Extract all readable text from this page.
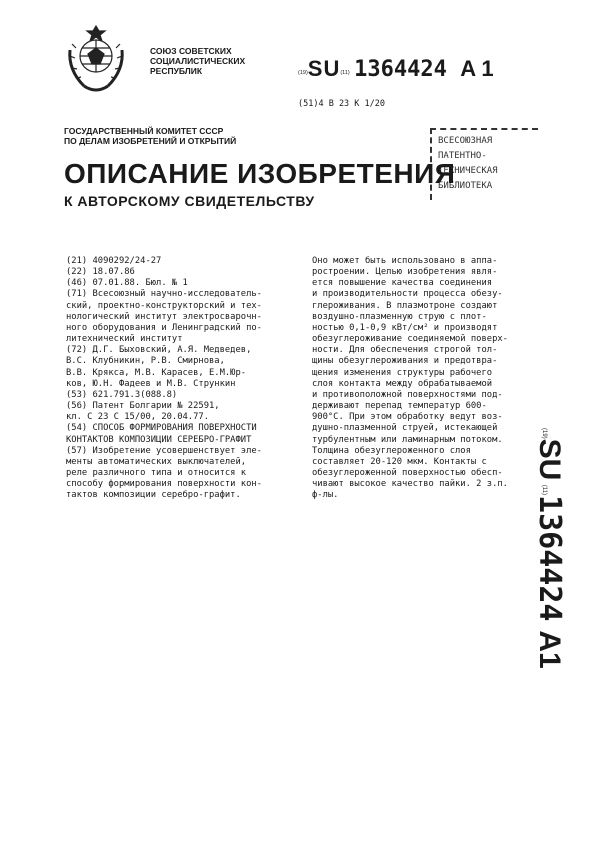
СОЮЗ СОВЕТСКИХ
СОЦИАЛИСТИЧЕСКИХ
РЕСПУБЛИК	(19)SU(11) 1364424 A 1
(51)4 В 23 К 1/20
ГОСУДАРСТВЕННЫЙ КОМИТЕТ СССР
ПО ДЕЛАМ ИЗОБРЕТЕНИЙ И ОТКРЫТИЙ	ВСЕСОЮЗНАЯ
ПАТЕНТНО-
ТЕХНИЧЕСКАЯ
БИБЛИОТЕКА
ОПИСАНИЕ ИЗОБРЕТЕНИЯ
К АВТОРСКОМУ СВИДЕТЕЛЬСТВУ

(21) 4090292/24-27

(22) 18.07.86

(46) 07.01.88. Бюл. № 1

(71) Всесоюзный научно-исследователь-

ский, проектно-конструкторский и тех-

нологический институт электросварочн-

ного оборудования и Ленинградский по-

литехнический институт

(72) Д.Г. Быховский, А.Я. Медведев,

В.С. Клубникин, Р.В. Смирнова,

В.В. Крякса, М.В. Карасев, Е.М.Юр-

ков, Ю.Н. Фадеев и М.В. Стрункин

(53) 621.791.3(088.8)

(56) Патент Болгарии № 22591,

кл. С 23 С 15/00, 20.04.77.

(54) СПОСОБ ФОРМИРОВАНИЯ ПОВЕРХНОСТИ

КОНТАКТОВ КОМПОЗИЦИИ СЕРЕБРО-ГРАФИТ

(57) Изобретение усовершенствует эле-

менты автоматических выключателей,

реле различного типа и относится к

способу формирования поверхности кон-

тактов композиции серебро-графит.

Оно может быть использовано в аппа-

ростроении. Целью изобретения явля-

ется повышение качества соединения

и производительности процесса обезу-

глероживания. В плазмотроне создают

воздушно-плазменную струю с плот-

ностью 0,1-0,9 кВт/см² и производят

обезуглероживание соединяемой поверх-

ности. Для обеспечения строгой тол-

щины обезуглероживания и предотвра-

щения изменения структуры рабочего

слоя контакта между обрабатываемой

и противоположной поверхностями под-

держивают перепад температур 600-

900°С. При этом обработку ведут воз-

душно-плазменной струей, истекающей

турбулентным или ламинарным потоком.

Толщина обезуглероженного слоя

составляет 20-120 мкм. Контакты с

обезуглероженной поверхностью обесп-

чивают высокое качество пайки. 2 з.п.

ф-лы.

(19)SU (11)1364424  A1
